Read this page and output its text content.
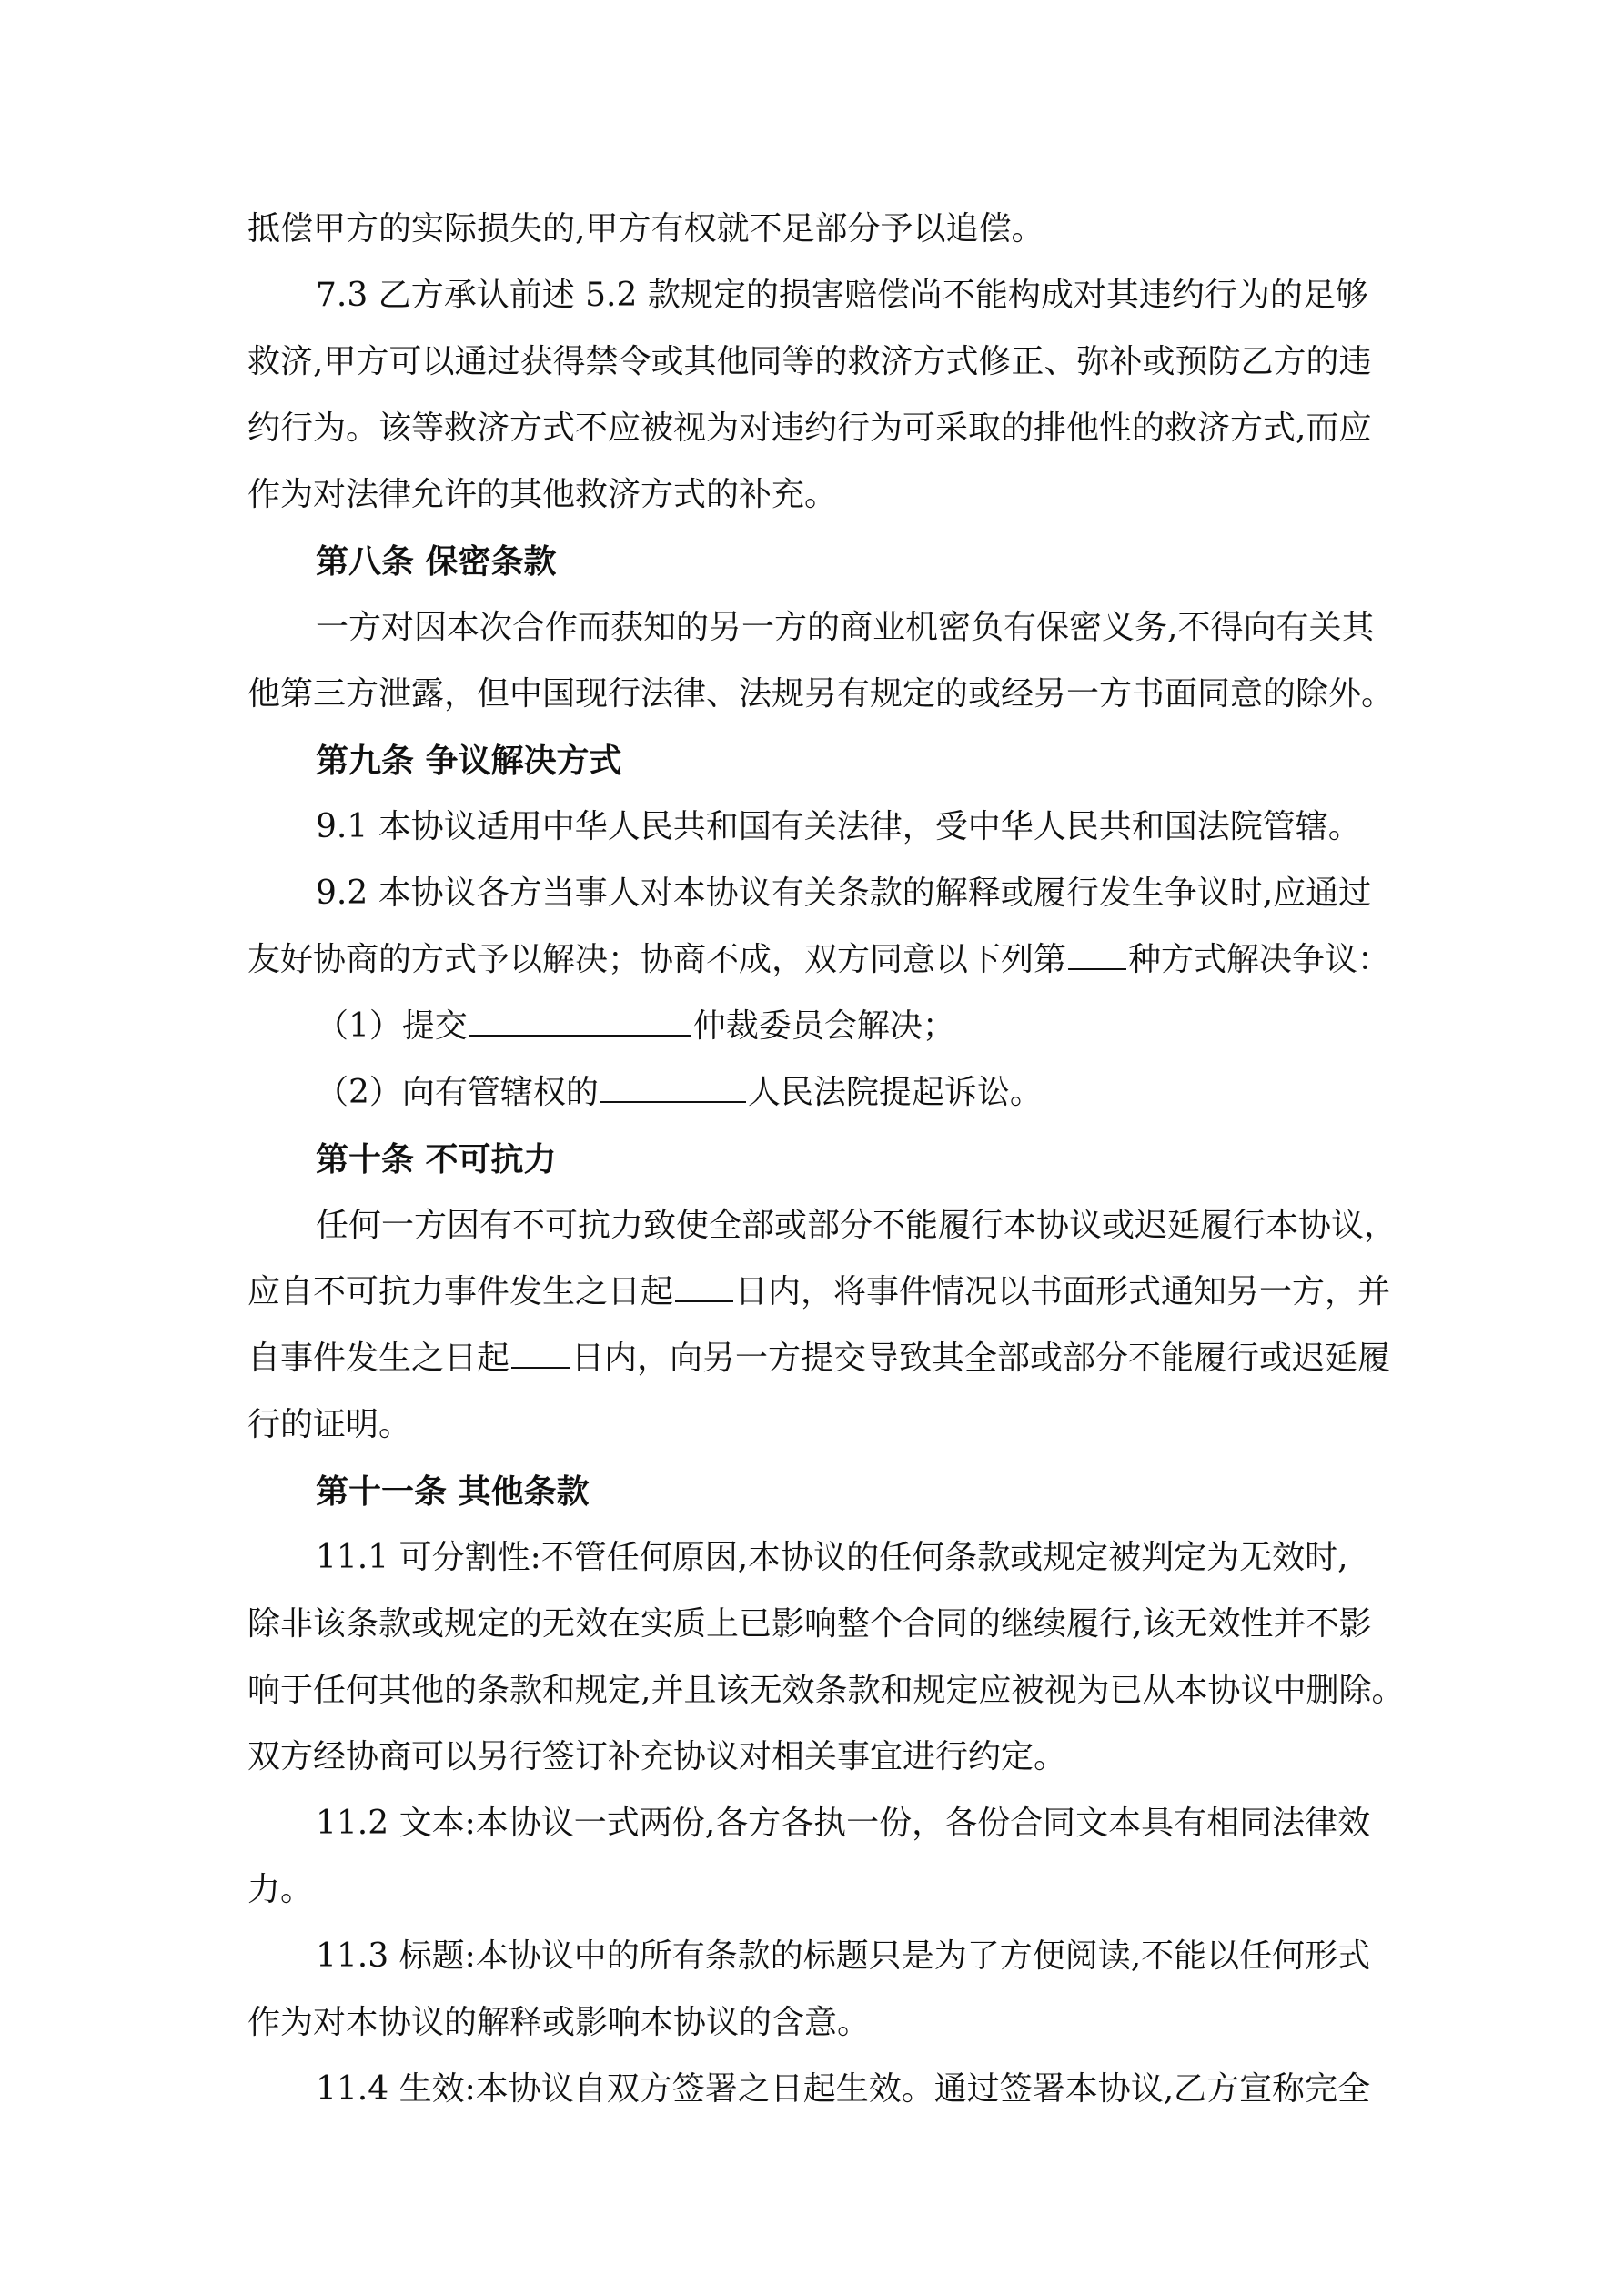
抵偿甲方的实际损失的,甲方有权就不足部分予以追偿。
7.3 乙方承认前述 5.2 款规定的损害赔偿尚不能构成对其违约行为的足够
救济,甲方可以通过获得禁令或其他同等的救济方式修正、弥补或预防乙方的违
约行为。该等救济方式不应被视为对违约行为可采取的排他性的救济方式,而应
作为对法律允许的其他救济方式的补充。
第八条 保密条款
一方对因本次合作而获知的另一方的商业机密负有保密义务,不得向有关其
他第三方泄露，但中国现行法律、法规另有规定的或经另一方书面同意的除外。
第九条 争议解决方式
9.1 本协议适用中华人民共和国有关法律，受中华人民共和国法院管辖。
9.2 本协议各方当事人对本协议有关条款的解释或履行发生争议时,应通过
友好协商的方式予以解决；协商不成，双方同意以下列第 种方式解决争议：
（1）提交	仲裁委员会解决；
（2）向有管辖权的	人民法院提起诉讼。
第十条 不可抗力
任何一方因有不可抗力致使全部或部分不能履行本协议或迟延履行本协议，
应自不可抗力事件发生之日起 日内，将事件情况以书面形式通知另一方，并
自事件发生之日起 日内，向另一方提交导致其全部或部分不能履行或迟延履
行的证明。
第十一条 其他条款
11.1 可分割性:不管任何原因,本协议的任何条款或规定被判定为无效时,
除非该条款或规定的无效在实质上已影响整个合同的继续履行,该无效性并不影
响于任何其他的条款和规定,并且该无效条款和规定应被视为已从本协议中删除。
双方经协商可以另行签订补充协议对相关事宜进行约定。
11.2 文本:本协议一式两份,各方各执一份，各份合同文本具有相同法律效
力。
11.3 标题:本协议中的所有条款的标题只是为了方便阅读,不能以任何形式
作为对本协议的解释或影响本协议的含意。
11.4 生效:本协议自双方签署之日起生效。通过签署本协议,乙方宣称完全
